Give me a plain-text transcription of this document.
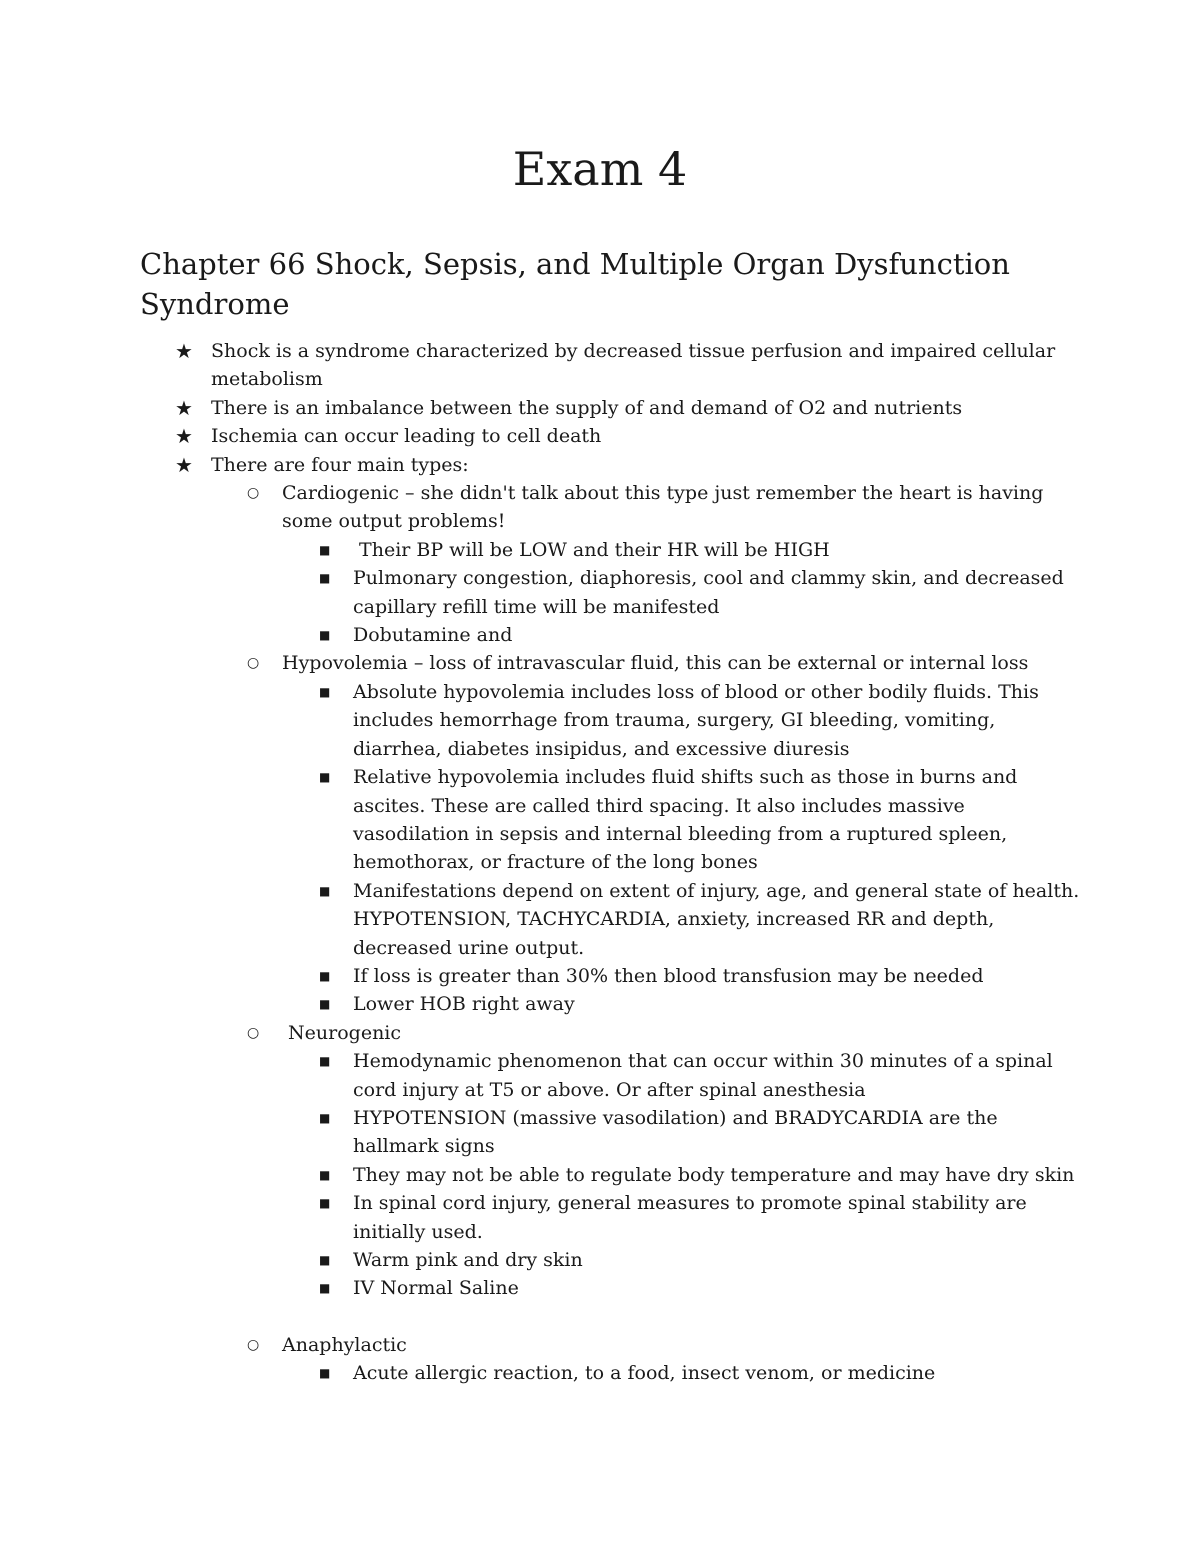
Exam 4
Chapter 66 Shock, Sepsis, and Multiple Organ Dysfunction Syndrome
★ Shock is a syndrome characterized by decreased tissue perfusion and impaired cellular metabolism
★ There is an imbalance between the supply of and demand of O2 and nutrients
★ Ischemia can occur leading to cell death
★ There are four main types:
○ Cardiogenic – she didn't talk about this type just remember the heart is having some output problems!
■ Their BP will be LOW and their HR will be HIGH
■ Pulmonary congestion, diaphoresis, cool and clammy skin, and decreased capillary refill time will be manifested
■ Dobutamine and
○ Hypovolemia – loss of intravascular fluid, this can be external or internal loss
■ Absolute hypovolemia includes loss of blood or other bodily fluids. This includes hemorrhage from trauma, surgery, GI bleeding, vomiting, diarrhea, diabetes insipidus, and excessive diuresis
■ Relative hypovolemia includes fluid shifts such as those in burns and ascites. These are called third spacing. It also includes massive vasodilation in sepsis and internal bleeding from a ruptured spleen, hemothorax, or fracture of the long bones
■ Manifestations depend on extent of injury, age, and general state of health. HYPOTENSION, TACHYCARDIA, anxiety, increased RR and depth, decreased urine output.
■ If loss is greater than 30% then blood transfusion may be needed
■ Lower HOB right away
○ Neurogenic
■ Hemodynamic phenomenon that can occur within 30 minutes of a spinal cord injury at T5 or above. Or after spinal anesthesia
■ HYPOTENSION (massive vasodilation) and BRADYCARDIA are the hallmark signs
■ They may not be able to regulate body temperature and may have dry skin
■ In spinal cord injury, general measures to promote spinal stability are initially used.
■ Warm pink and dry skin
■ IV Normal Saline
○ Anaphylactic
■ Acute allergic reaction, to a food, insect venom, or medicine
